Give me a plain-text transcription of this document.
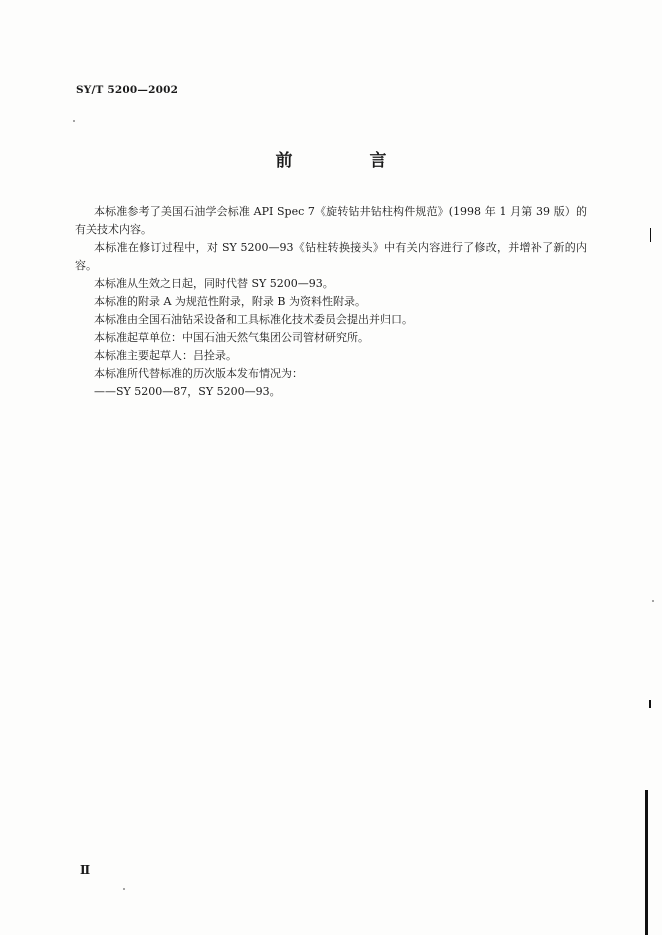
SY/T 5200—2002
前　言

本标准参考了美国石油学会标准 API Spec 7《旋转钻井钻柱构件规范》(1998 年 1 月第 39 版）的有关技术内容。

本标准在修订过程中，对 SY 5200—93《钻柱转换接头》中有关内容进行了修改，并增补了新的内容。

本标准从生效之日起，同时代替 SY 5200—93。

本标准的附录 A 为规范性附录，附录 B 为资料性附录。

本标准由全国石油钻采设备和工具标准化技术委员会提出并归口。

本标准起草单位：中国石油天然气集团公司管材研究所。

本标准主要起草人：吕拴录。

本标准所代替标准的历次版本发布情况为：

——SY 5200—87，SY 5200—93。

Ⅱ
